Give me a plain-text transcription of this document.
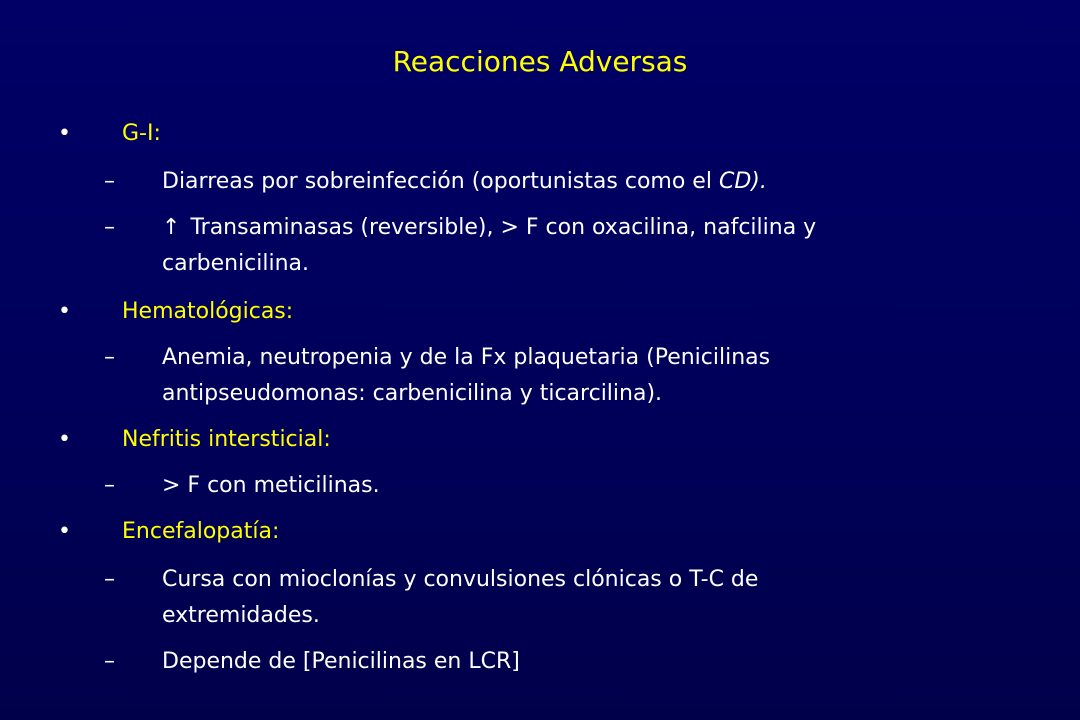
Reacciones Adversas
• G-I:
– Diarreas por sobreinfección (oportunistas como el CD).
– ↑ Transaminasas (reversible), > F con oxacilina, nafcilina y
carbenicilina.
• Hematológicas:
– Anemia, neutropenia y de la Fx plaquetaria (Penicilinas
antipseudomonas: carbenicilina y ticarcilina).
• Nefritis intersticial:
– > F con meticilinas.
• Encefalopatía:
– Cursa con mioclonías y convulsiones clónicas o T-C de
extremidades.
– Depende de [Penicilinas en LCR]
